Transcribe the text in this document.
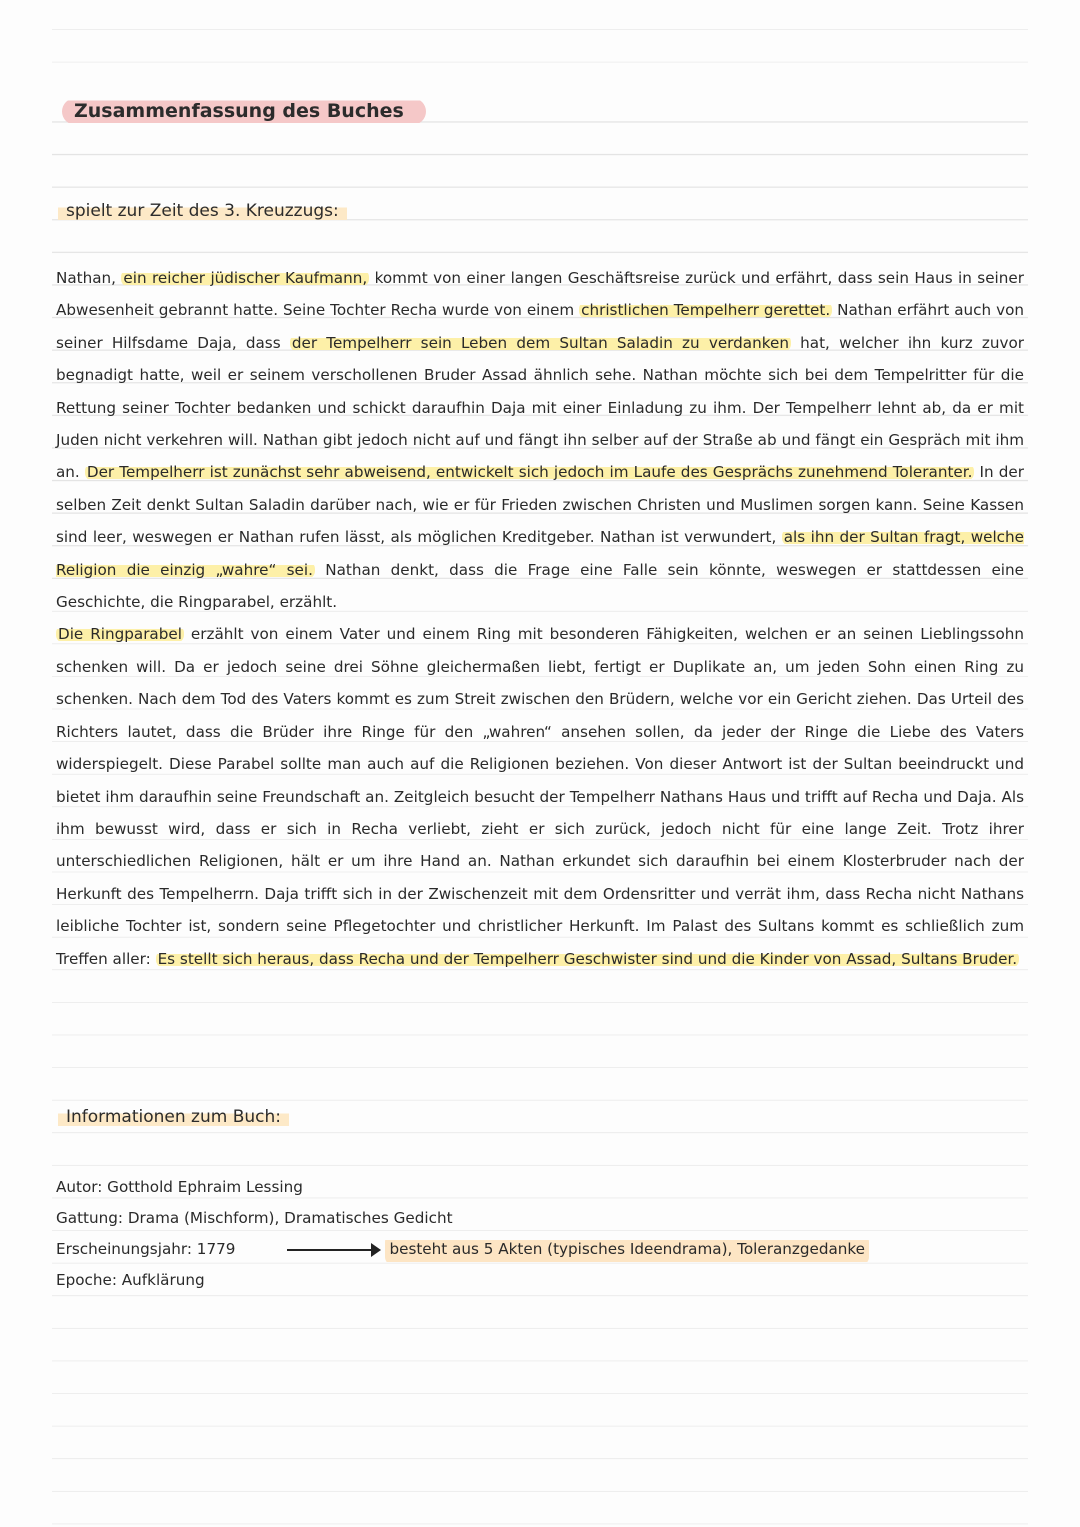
Zusammenfassung des Buches
spielt zur Zeit des 3. Kreuzzugs:

Nathan, ein reicher jüdischer Kaufmann, kommt von einer langen Geschäftsreise zurück und erfährt, dass sein Haus in seiner Abwesenheit gebrannt hatte. Seine Tochter Recha wurde von einem christlichen Tempelherr gerettet. Nathan erfährt auch von seiner Hilfsdame Daja, dass der Tempelherr sein Leben dem Sultan Saladin zu verdanken hat, welcher ihn kurz zuvor begnadigt hatte, weil er seinem verschollenen Bruder Assad ähnlich sehe. Nathan möchte sich bei dem Tempelritter für die Rettung seiner Tochter bedanken und schickt daraufhin Daja mit einer Einladung zu ihm. Der Tempelherr lehnt ab, da er mit Juden nicht verkehren will. Nathan gibt jedoch nicht auf und fängt ihn selber auf der Straße ab und fängt ein Gespräch mit ihm an. Der Tempelherr ist zunächst sehr abweisend, entwickelt sich jedoch im Laufe des Gesprächs zunehmend Toleranter. In der selben Zeit denkt Sultan Saladin darüber nach, wie er für Frieden zwischen Christen und Muslimen sorgen kann. Seine Kassen sind leer, weswegen er Nathan rufen lässt, als möglichen Kreditgeber. Nathan ist verwundert, als ihn der Sultan fragt, welche Religion die einzig „wahre“ sei. Nathan denkt, dass die Frage eine Falle sein könnte, weswegen er stattdessen eine Geschichte, die Ringparabel, erzählt.

Die Ringparabel erzählt von einem Vater und einem Ring mit besonderen Fähigkeiten, welchen er an seinen Lieblingssohn schenken will. Da er jedoch seine drei Söhne gleichermaßen liebt, fertigt er Duplikate an, um jeden Sohn einen Ring zu schenken. Nach dem Tod des Vaters kommt es zum Streit zwischen den Brüdern, welche vor ein Gericht ziehen. Das Urteil des Richters lautet, dass die Brüder ihre Ringe für den „wahren“ ansehen sollen, da jeder der Ringe die Liebe des Vaters widerspiegelt. Diese Parabel sollte man auch auf die Religionen beziehen. Von dieser Antwort ist der Sultan beeindruckt und bietet ihm daraufhin seine Freundschaft an. Zeitgleich besucht der Tempelherr Nathans Haus und trifft auf Recha und Daja. Als ihm bewusst wird, dass er sich in Recha verliebt, zieht er sich zurück, jedoch nicht für eine lange Zeit. Trotz ihrer unterschiedlichen Religionen, hält er um ihre Hand an. Nathan erkundet sich daraufhin bei einem Klosterbruder nach der Herkunft des Tempelherrn. Daja trifft sich in der Zwischenzeit mit dem Ordensritter und verrät ihm, dass Recha nicht Nathans leibliche Tochter ist, sondern seine Pflegetochter und christlicher Herkunft. Im Palast des Sultans kommt es schließlich zum Treffen aller: Es stellt sich heraus, dass Recha und der Tempelherr Geschwister sind und die Kinder von Assad, Sultans Bruder.

Informationen zum Buch:
Autor: Gotthold Ephraim Lessing
Gattung: Drama (Mischform), Dramatisches Gedicht
Erscheinungsjahr: 1779	besteht aus 5 Akten (typisches Ideendrama), Toleranzgedanke
Epoche: Aufklärung
